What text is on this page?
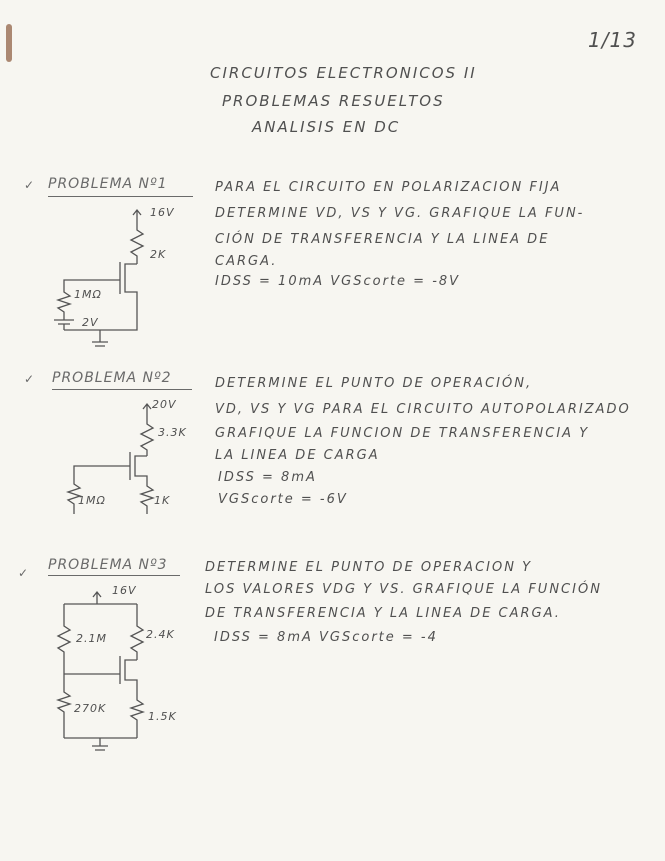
1/13
CIRCUITOS ELECTRONICOS II
PROBLEMAS RESUELTOS
ANALISIS EN DC
✓ PROBLEMA Nº1	PARA EL CIRCUITO EN POLARIZACION FIJA
DETERMINE VD, VS Y VG. GRAFIQUE LA FUN-
CIÓN DE TRANSFERENCIA Y LA LINEA DE
CARGA.
IDSS = 10mA VGScorte = -8V
16V
2K
1MΩ
2V
✓ PROBLEMA Nº2	DETERMINE EL PUNTO DE OPERACIÓN,
VD, VS Y VG PARA EL CIRCUITO AUTOPOLARIZADO
GRAFIQUE LA FUNCION DE TRANSFERENCIA Y
LA LINEA DE CARGA
IDSS = 8mA
VGScorte = -6V
20V
3.3K
1MΩ	1K
✓ PROBLEMA Nº3	DETERMINE EL PUNTO DE OPERACION Y
LOS VALORES VDG Y VS. GRAFIQUE LA FUNCIÓN
DE TRANSFERENCIA Y LA LINEA DE CARGA.
IDSS = 8mA VGScorte = -4
16V
2.1M	2.4K
270K
1.5K
